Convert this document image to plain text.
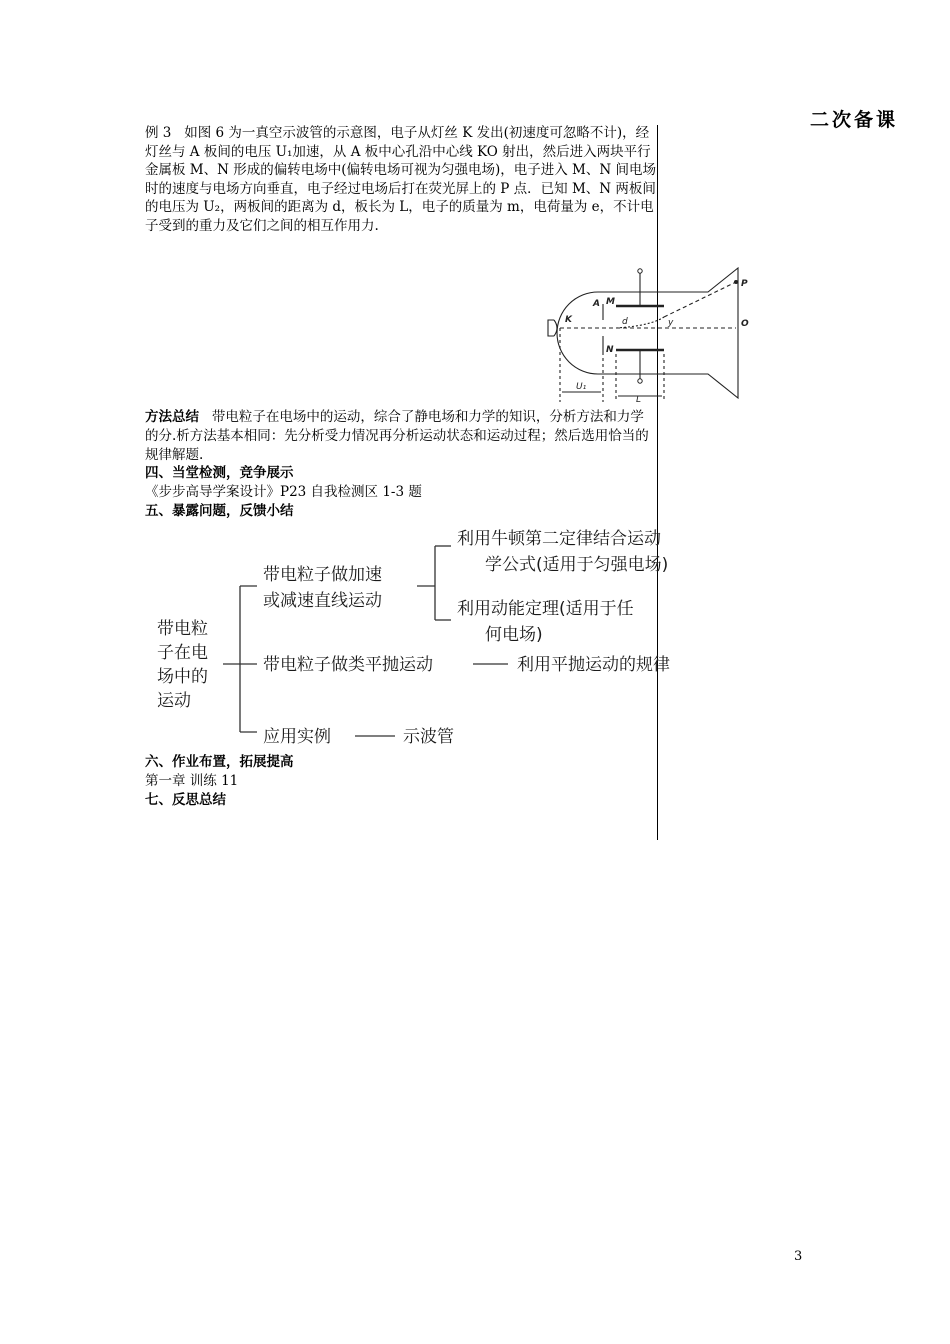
二次备课
例 3 如图 6 为一真空示波管的示意图，电子从灯丝 K 发出(初速度可忽略不计)，经灯丝与 A 板间的电压 U₁加速，从 A 板中心孔沿中心线 KO 射出，然后进入两块平行金属板 M、N 形成的偏转电场中(偏转电场可视为匀强电场)，电子进入 M、N 间电场时的速度与电场方向垂直，电子经过电场后打在荧光屏上的 P 点．已知 M、N 两板间的电压为 U₂，两板间的距离为 d，板长为 L，电子的质量为 m，电荷量为 e，不计电子受到的重力及它们之间的相互作用力.
A M
N
K	d	y
P
O
U₁
L
方法总结 带电粒子在电场中的运动，综合了静电场和力学的知识，分析方法和力学的分.析方法基本相同：先分析受力情况再分析运动状态和运动过程；然后选用恰当的规律解题.
四、当堂检测，竞争展示
《步步高导学案设计》P23 自我检测区 1-3 题
五、暴露问题，反馈小结
带电粒
子在电
场中的
运动
带电粒子做加速
或减速直线运动
利用牛顿第二定律结合运动
学公式(适用于匀强电场)
利用动能定理(适用于任
何电场)
带电粒子做类平抛运动	利用平抛运动的规律
应用实例	示波管
六、作业布置，拓展提高
第一章 训练 11
七、反思总结
3
